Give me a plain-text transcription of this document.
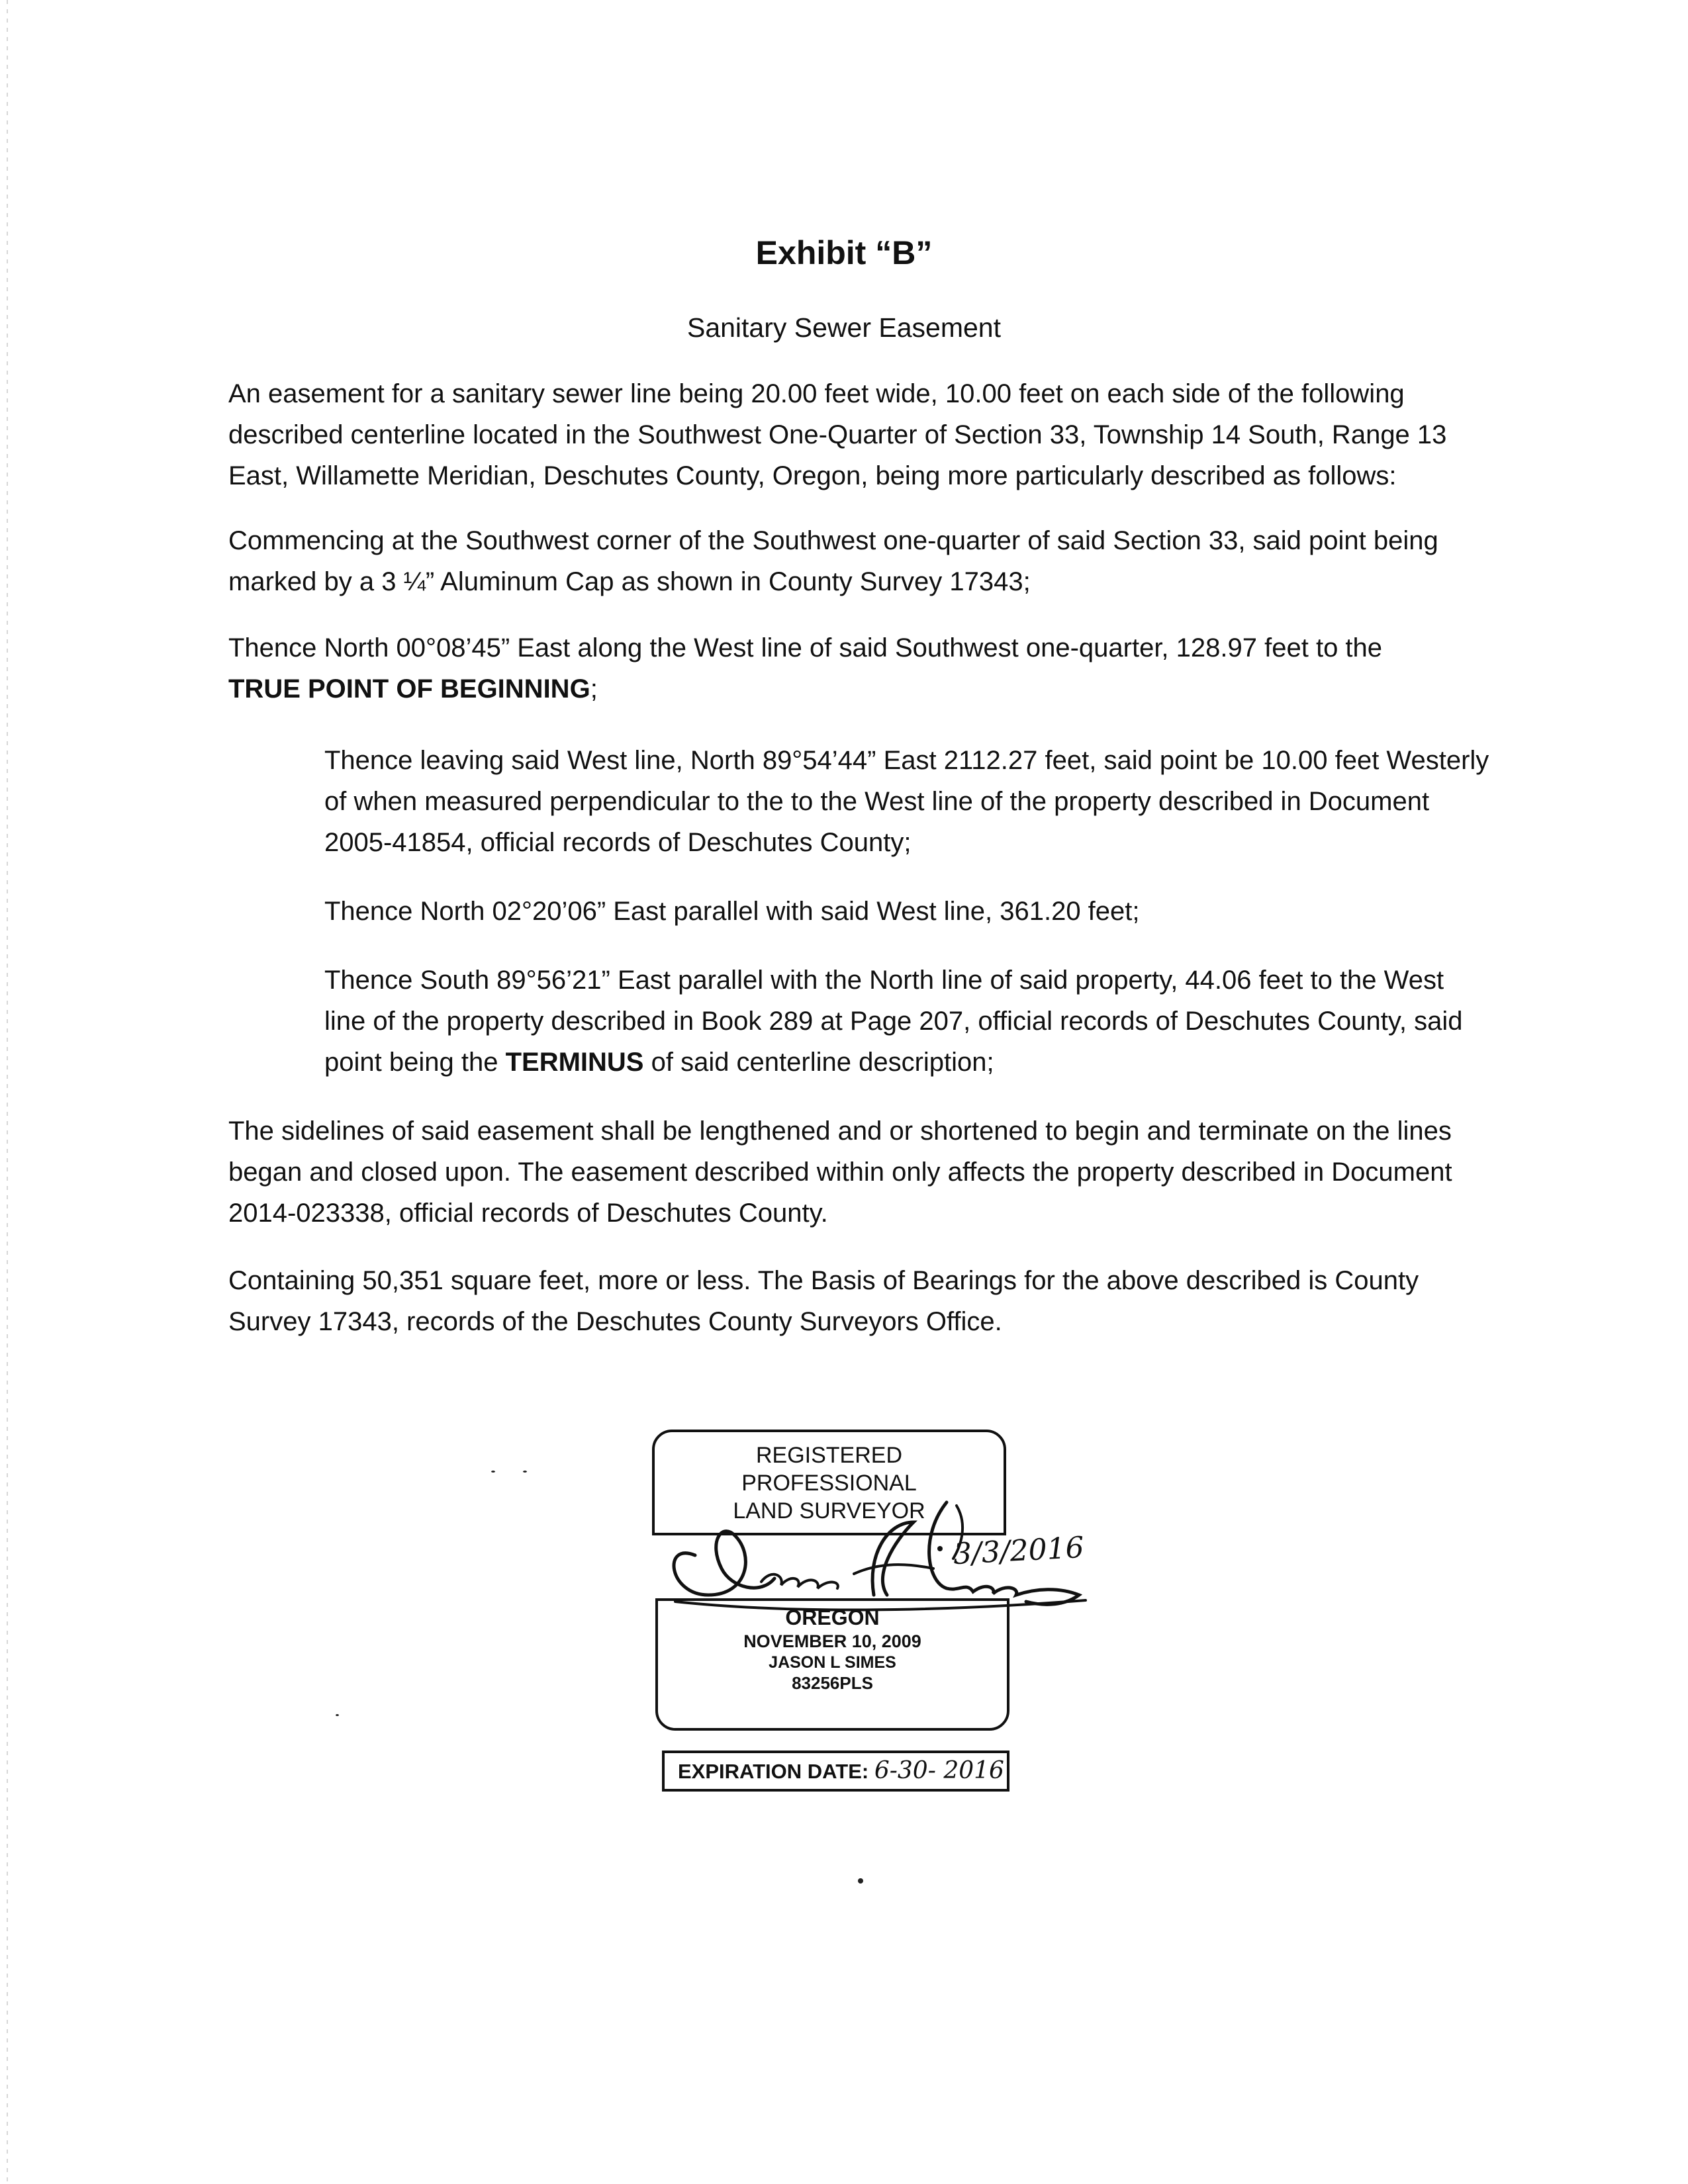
Exhibit “B”
Sanitary Sewer Easement

An easement for a sanitary sewer line being 20.00 feet wide, 10.00 feet on each side of the following described centerline located in the Southwest One-Quarter of Section 33, Township 14 South, Range 13 East, Willamette Meridian, Deschutes County, Oregon, being more particularly described as follows:

Commencing at the Southwest corner of the Southwest one-quarter of said Section 33, said point being marked by a 3 ¼” Aluminum Cap as shown in County Survey 17343;

Thence North 00°08’45” East along the West line of said Southwest one-quarter, 128.97 feet to the
TRUE POINT OF BEGINNING;

Thence leaving said West line, North 89°54’44” East 2112.27 feet, said point be 10.00 feet Westerly of when measured perpendicular to the to the West line of the property described in Document 2005-41854, official records of Deschutes County;

Thence North 02°20’06” East parallel with said West line, 361.20 feet;

Thence South 89°56’21” East parallel with the North line of said property, 44.06 feet to the West line of the property described in Book 289 at Page 207, official records of Deschutes County, said point being the TERMINUS of said centerline description;

The sidelines of said easement shall be lengthened and or shortened to begin and terminate on the lines began and closed upon. The easement described within only affects the property described in Document 2014-023338, official records of Deschutes County.

Containing 50,351 square feet, more or less. The Basis of Bearings for the above described is County Survey 17343, records of the Deschutes County Surveyors Office.

REGISTERED
PROFESSIONAL
LAND SURVEYOR
OREGON
NOVEMBER 10, 2009
JASON L SIMES
83256PLS
3/3/2016
EXPIRATION DATE: 6-30- 2016
